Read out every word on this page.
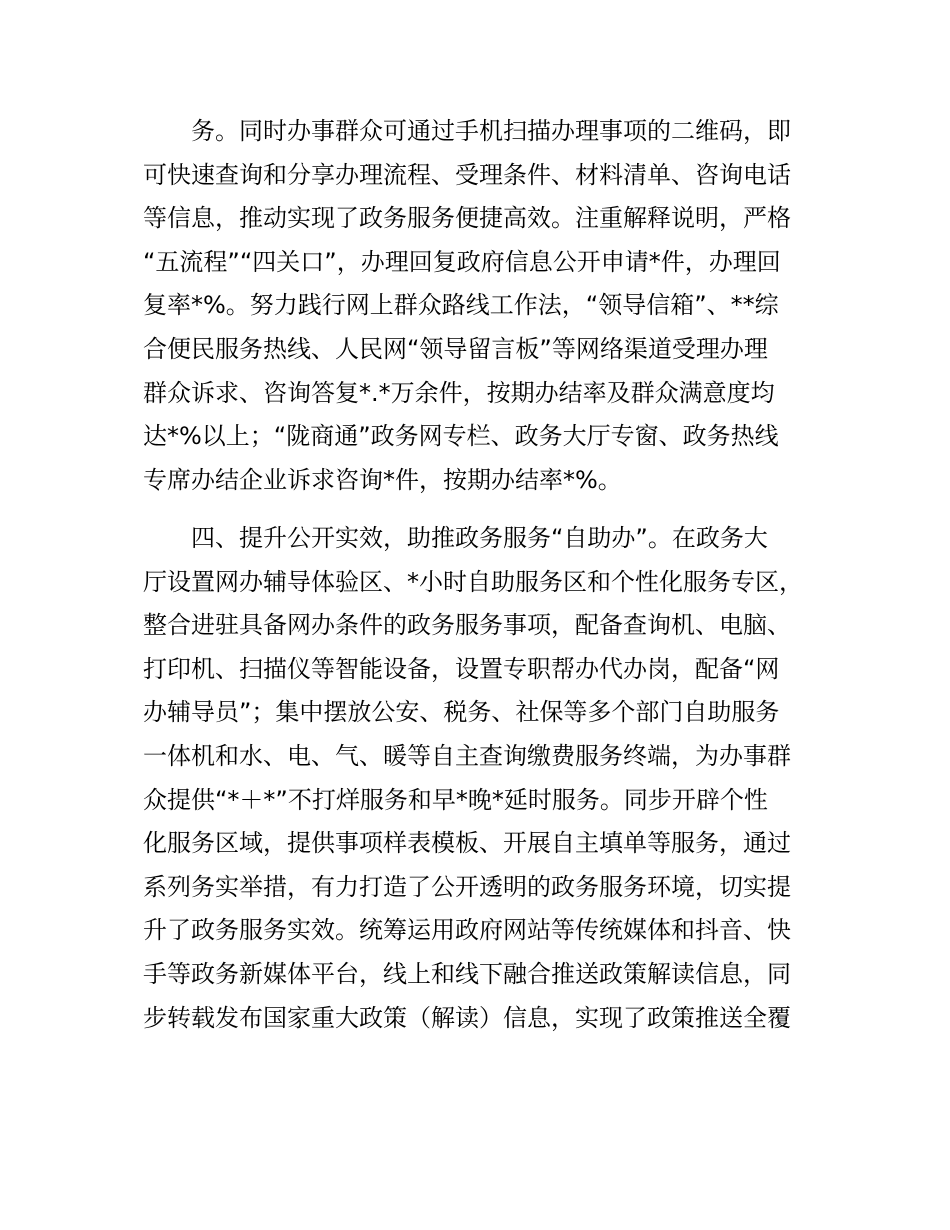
务。同时办事群众可通过手机扫描办理事项的二维码，即
可快速查询和分享办理流程、受理条件、材料清单、咨询电话
等信息，推动实现了政务服务便捷高效。注重解释说明，严格
“五流程”“四关口”，办理回复政府信息公开申请*件，办理回
复率*%。努力践行网上群众路线工作法，“领导信箱”、**综
合便民服务热线、人民网“领导留言板”等网络渠道受理办理
群众诉求、咨询答复*.*万余件，按期办结率及群众满意度均
达*%以上；“陇商通”政务网专栏、政务大厅专窗、政务热线
专席办结企业诉求咨询*件，按期办结率*%。
四、提升公开实效，助推政务服务“自助办”。在政务大
厅设置网办辅导体验区、*小时自助服务区和个性化服务专区，
整合进驻具备网办条件的政务服务事项，配备查询机、电脑、
打印机、扫描仪等智能设备，设置专职帮办代办岗，配备“网
办辅导员”；集中摆放公安、税务、社保等多个部门自助服务
一体机和水、电、气、暖等自主查询缴费服务终端，为办事群
众提供“*＋*”不打烊服务和早*晚*延时服务。同步开辟个性
化服务区域，提供事项样表模板、开展自主填单等服务，通过
系列务实举措，有力打造了公开透明的政务服务环境，切实提
升了政务服务实效。统筹运用政府网站等传统媒体和抖音、快
手等政务新媒体平台，线上和线下融合推送政策解读信息，同
步转载发布国家重大政策（解读）信息，实现了政策推送全覆
